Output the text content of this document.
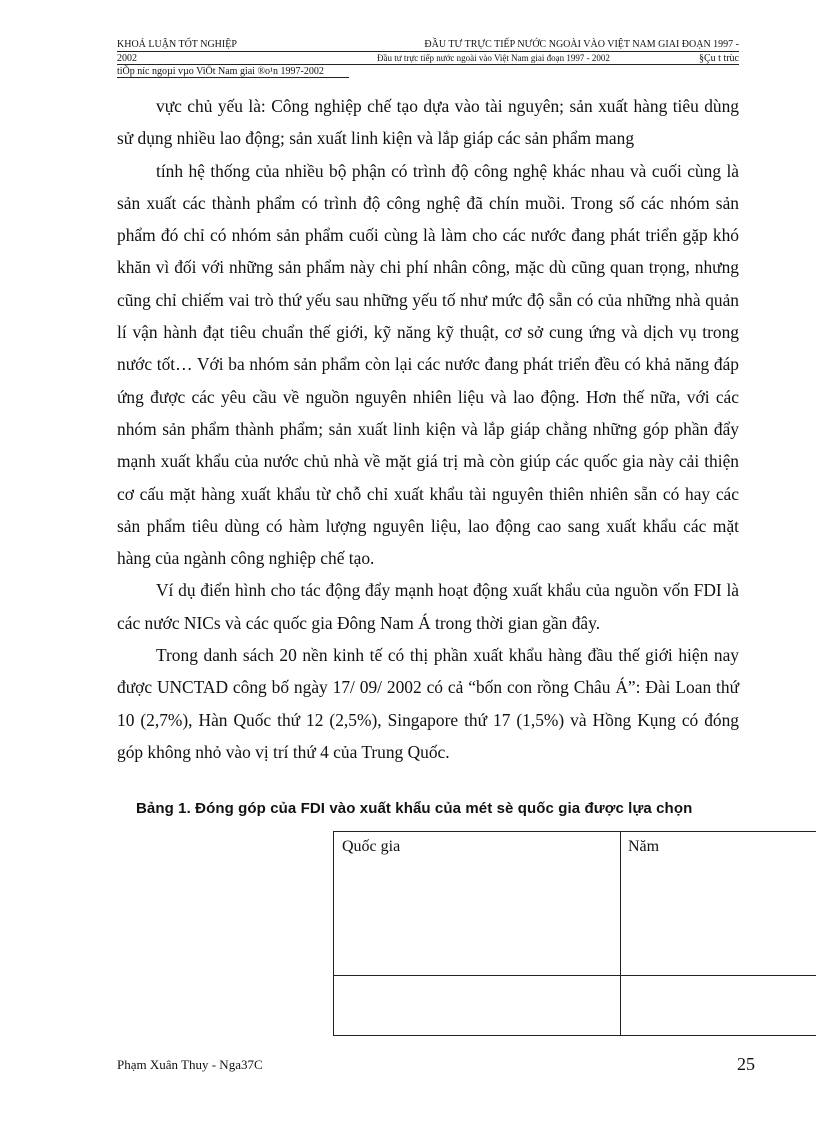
KHOÁ LUẬN TỐT NGHIỆP	ĐẦU TƯ TRỰC TIẾP NƯỚC NGOÀI VÀO VIỆT NAM GIAI ĐOẠN 1997 -
2002	Đầu tư trực tiếp nước ngoài vào Việt Nam giai đoạn 1997 - 2002	§Çu t trùc
tiÕp níc ngoµi vµo ViÖt Nam giai ®o¹n 1997-2002

vực chủ yếu là: Công nghiệp chế tạo dựa vào tài nguyên; sản xuất hàng tiêu dùng sử dụng nhiều lao động; sản xuất linh kiện và lắp giáp các sản phẩm mang

tính hệ thống của nhiều bộ phận có trình độ công nghệ khác nhau và cuối cùng là sản xuất các thành phẩm có trình độ công nghệ đã chín muồi. Trong số các nhóm sản phẩm đó chỉ có nhóm sản phẩm cuối cùng là làm cho các nước đang phát triển gặp khó khăn vì đối với những sản phẩm này chi phí nhân công, mặc dù cũng quan trọng, nhưng cũng chỉ chiếm vai trò thứ yếu sau những yếu tố như mức độ sẵn có của những nhà quản lí vận hành đạt tiêu chuẩn thế giới, kỹ năng kỹ thuật, cơ sở cung ứng và dịch vụ trong nước tốt… Với ba nhóm sản phẩm còn lại các nước đang phát triển đều có khả năng đáp ứng được các yêu cầu về nguồn nguyên nhiên liệu và lao động. Hơn thế nữa, với các nhóm sản phẩm thành phẩm; sản xuất linh kiện và lắp giáp chẳng những góp phần đẩy mạnh xuất khẩu của nước chủ nhà về mặt giá trị mà còn giúp các quốc gia này cải thiện cơ cấu mặt hàng xuất khẩu từ chỗ chỉ xuất khẩu tài nguyên thiên nhiên sẵn có hay các sản phẩm tiêu dùng có hàm lượng nguyên liệu, lao động cao sang xuất khẩu các mặt hàng của ngành công nghiệp chế tạo.

Ví dụ điển hình cho tác động đẩy mạnh hoạt động xuất khẩu của nguồn vốn FDI là các nước NICs và các quốc gia Đông Nam Á trong thời gian gần đây.

Trong danh sách 20 nền kinh tế có thị phần xuất khẩu hàng đầu thế giới hiện nay được UNCTAD công bố ngày 17/ 09/ 2002 có cả “bốn con rồng Châu Á”: Đài Loan thứ 10 (2,7%), Hàn Quốc thứ 12 (2,5%), Singapore thứ 17 (1,5%) và Hồng Kụng có đóng góp không nhỏ vào vị trí thứ 4 của Trung Quốc.

Bảng 1. Đóng góp của FDI vào xuất khẩu của mét sè quốc gia được lựa chọn
Quốc gia	Năm
Phạm Xuân Thuy - Nga37C	25
